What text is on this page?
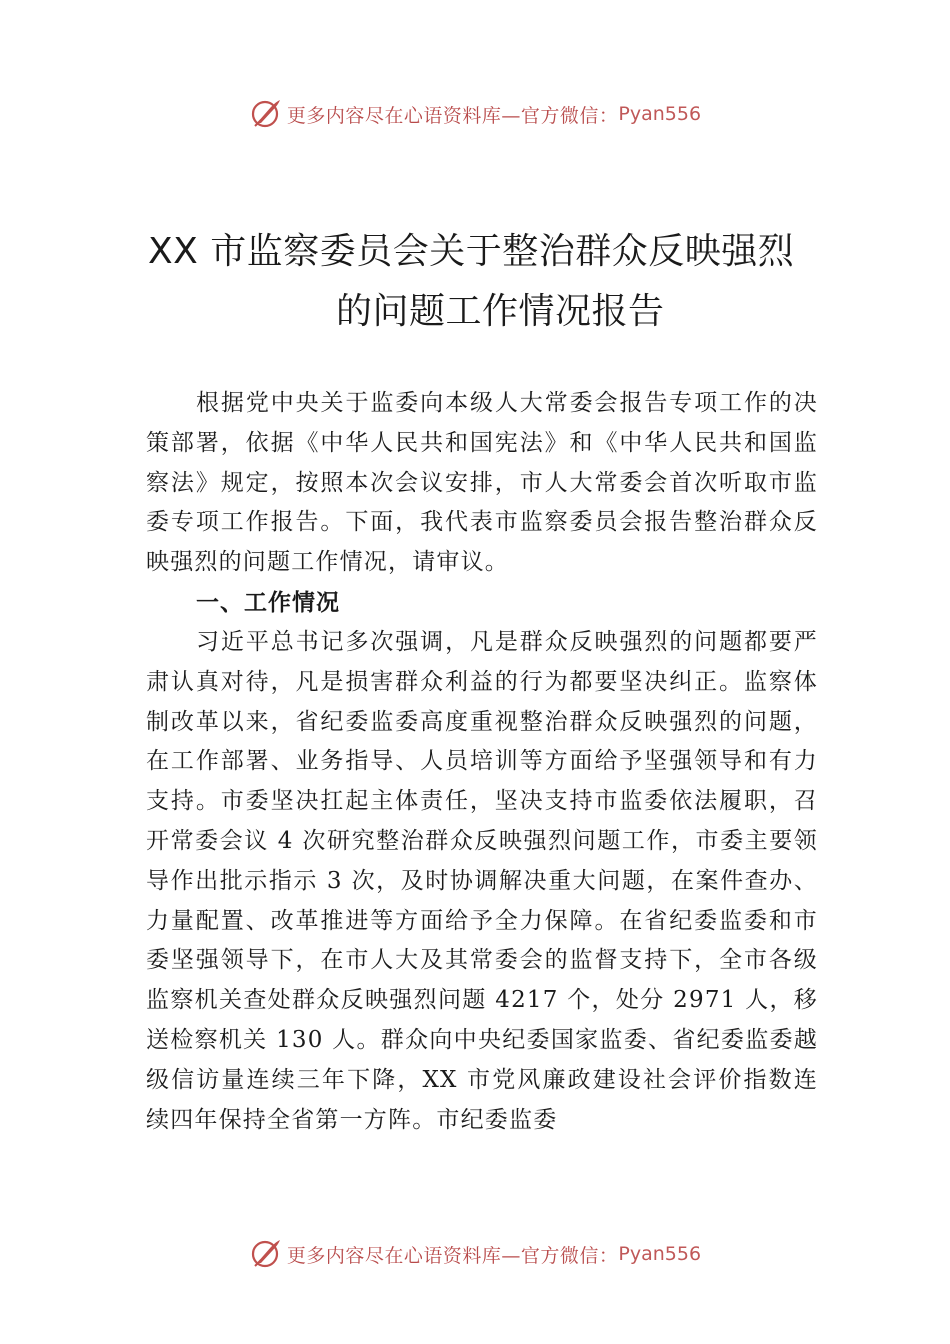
更多内容尽在心语资料库—官方微信： Pyan556
XX 市监察委员会关于整治群众反映强烈
的问题工作情况报告

根据党中央关于监委向本级人大常委会报告专项工作的决策部署，依据《中华人民共和国宪法》和《中华人民共和国监察法》规定，按照本次会议安排，市人大常委会首次听取市监委专项工作报告。下面，我代表市监察委员会报告整治群众反映强烈的问题工作情况，请审议。

一、工作情况

习近平总书记多次强调，凡是群众反映强烈的问题都要严肃认真对待，凡是损害群众利益的行为都要坚决纠正。监察体制改革以来，省纪委监委高度重视整治群众反映强烈的问题，在工作部署、业务指导、人员培训等方面给予坚强领导和有力支持。市委坚决扛起主体责任，坚决支持市监委依法履职，召开常委会议 4 次研究整治群众反映强烈问题工作，市委主要领导作出批示指示 3 次，及时协调解决重大问题，在案件查办、力量配置、改革推进等方面给予全力保障。在省纪委监委和市委坚强领导下，在市人大及其常委会的监督支持下，全市各级监察机关查处群众反映强烈问题 4217 个，处分 2971 人，移送检察机关 130 人。群众向中央纪委国家监委、省纪委监委越级信访量连续三年下降，XX 市党风廉政建设社会评价指数连续四年保持全省第一方阵。市纪委监委

更多内容尽在心语资料库—官方微信： Pyan556
